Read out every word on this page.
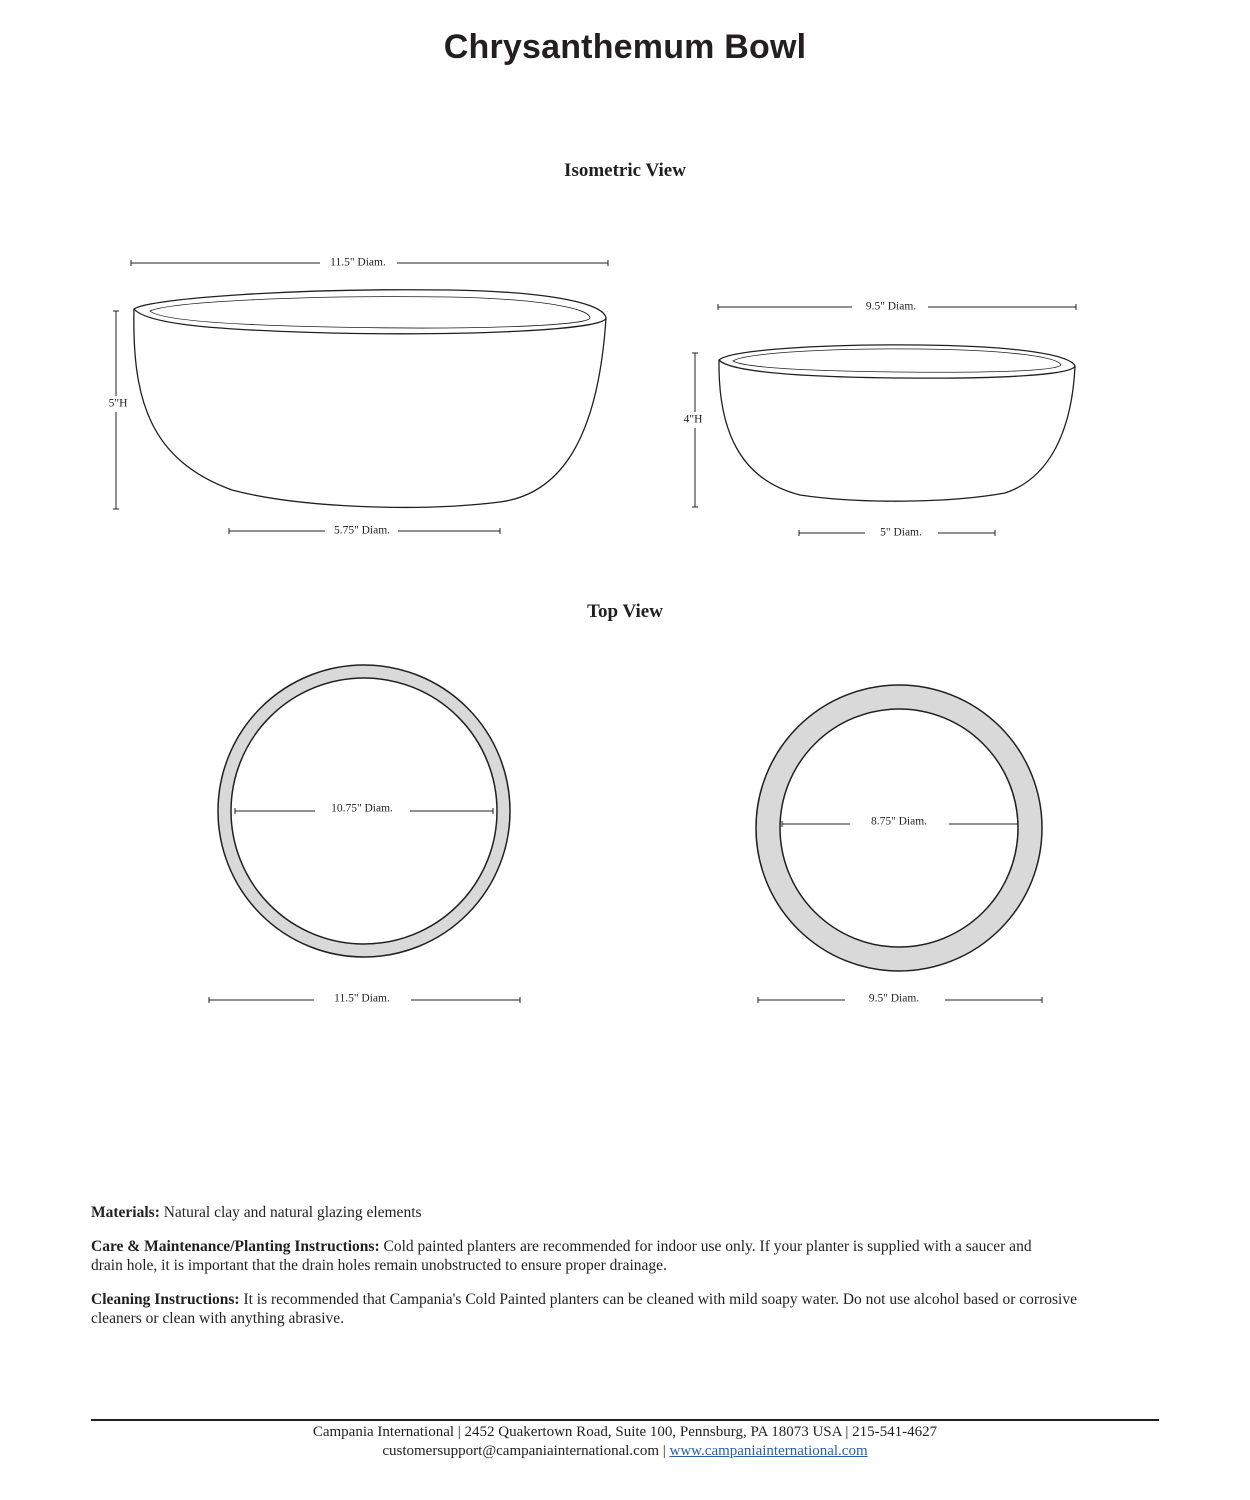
Chrysanthemum Bowl
Isometric View
Top View
11.5" Diam.
5.75" Diam.
5"H
9.5" Diam.
5" Diam.
4"H
10.75" Diam.
11.5" Diam.
8.75" Diam.
9.5" Diam.
Materials: Natural clay and natural glazing elements
Care & Maintenance/Planting Instructions: Cold painted planters are recommended for indoor use only. If your planter is supplied with a saucer and drain hole, it is important that the drain holes remain unobstructed to ensure proper drainage.
Cleaning Instructions: It is recommended that Campania's Cold Painted planters can be cleaned with mild soapy water. Do not use alcohol based or corrosive cleaners or clean with anything abrasive.
Campania International | 2452 Quakertown Road, Suite 100, Pennsburg, PA 18073 USA | 215-541-4627
customersupport@campaniainternational.com | www.campaniainternational.com
